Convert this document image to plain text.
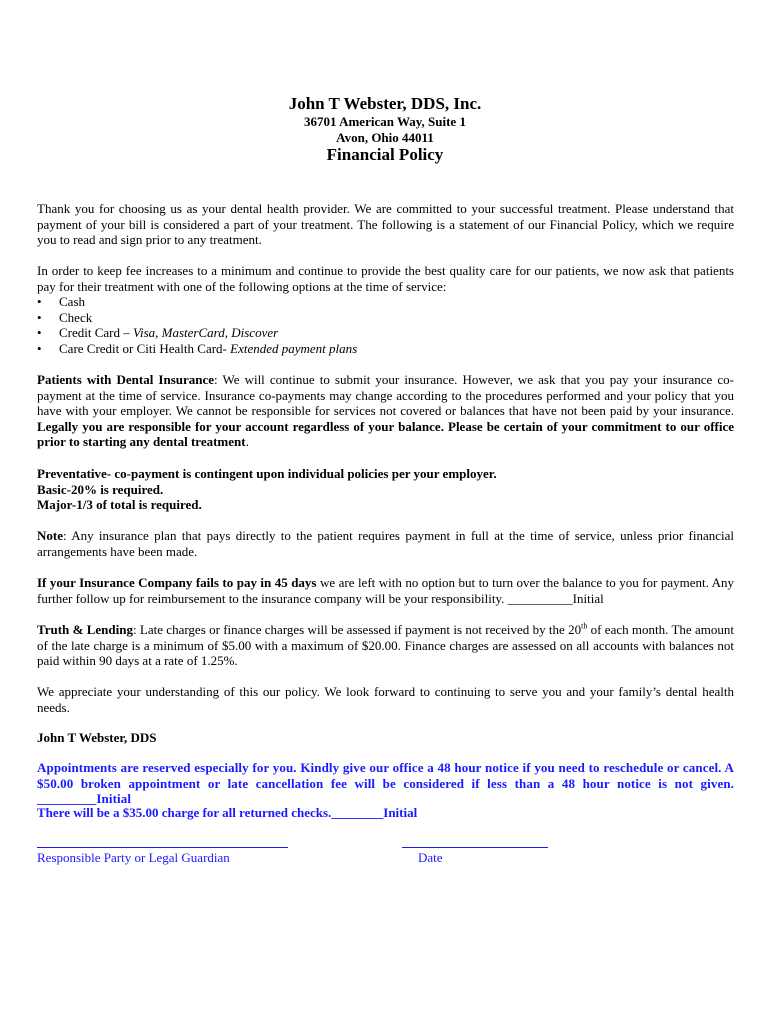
John T Webster, DDS, Inc.
36701 American Way, Suite 1
Avon, Ohio 44011
Financial Policy

Thank you for choosing us as your dental health provider. We are committed to your successful treatment. Please understand that payment of your bill is considered a part of your treatment. The following is a statement of our Financial Policy, which we require you to read and sign prior to any treatment.

In order to keep fee increases to a minimum and continue to provide the best quality care for our patients, we now ask that patients pay for their treatment with one of the following options at the time of service:

• Cash
• Check
• Credit Card – Visa, MasterCard, Discover
• Care Credit or Citi Health Card- Extended payment plans

Patients with Dental Insurance: We will continue to submit your insurance. However, we ask that you pay your insurance co-payment at the time of service. Insurance co-payments may change according to the procedures performed and your policy that you have with your employer. We cannot be responsible for services not covered or balances that have not been paid by your insurance. Legally you are responsible for your account regardless of your balance. Please be certain of your commitment to our office prior to starting any dental treatment.

Preventative- co-payment is contingent upon individual policies per your employer.
Basic-20% is required.
Major-1/3 of total is required.

Note: Any insurance plan that pays directly to the patient requires payment in full at the time of service, unless prior financial arrangements have been made.

If your Insurance Company fails to pay in 45 days we are left with no option but to turn over the balance to you for payment. Any further follow up for reimbursement to the insurance company will be your responsibility. __________Initial

Truth & Lending: Late charges or finance charges will be assessed if payment is not received by the 20th of each month. The amount of the late charge is a minimum of $5.00 with a maximum of $20.00. Finance charges are assessed on all accounts with balances not paid within 90 days at a rate of 1.25%.

We appreciate your understanding of this our policy. We look forward to continuing to serve you and your family’s dental health needs.

John T Webster, DDS

Appointments are reserved especially for you. Kindly give our office a 48 hour notice if you need to reschedule or cancel. A $50.00 broken appointment or late cancellation fee will be considered if less than a 48 hour notice is not given. _________Initial

There will be a $35.00 charge for all returned checks.________Initial
Responsible Party or Legal Guardian	Date
